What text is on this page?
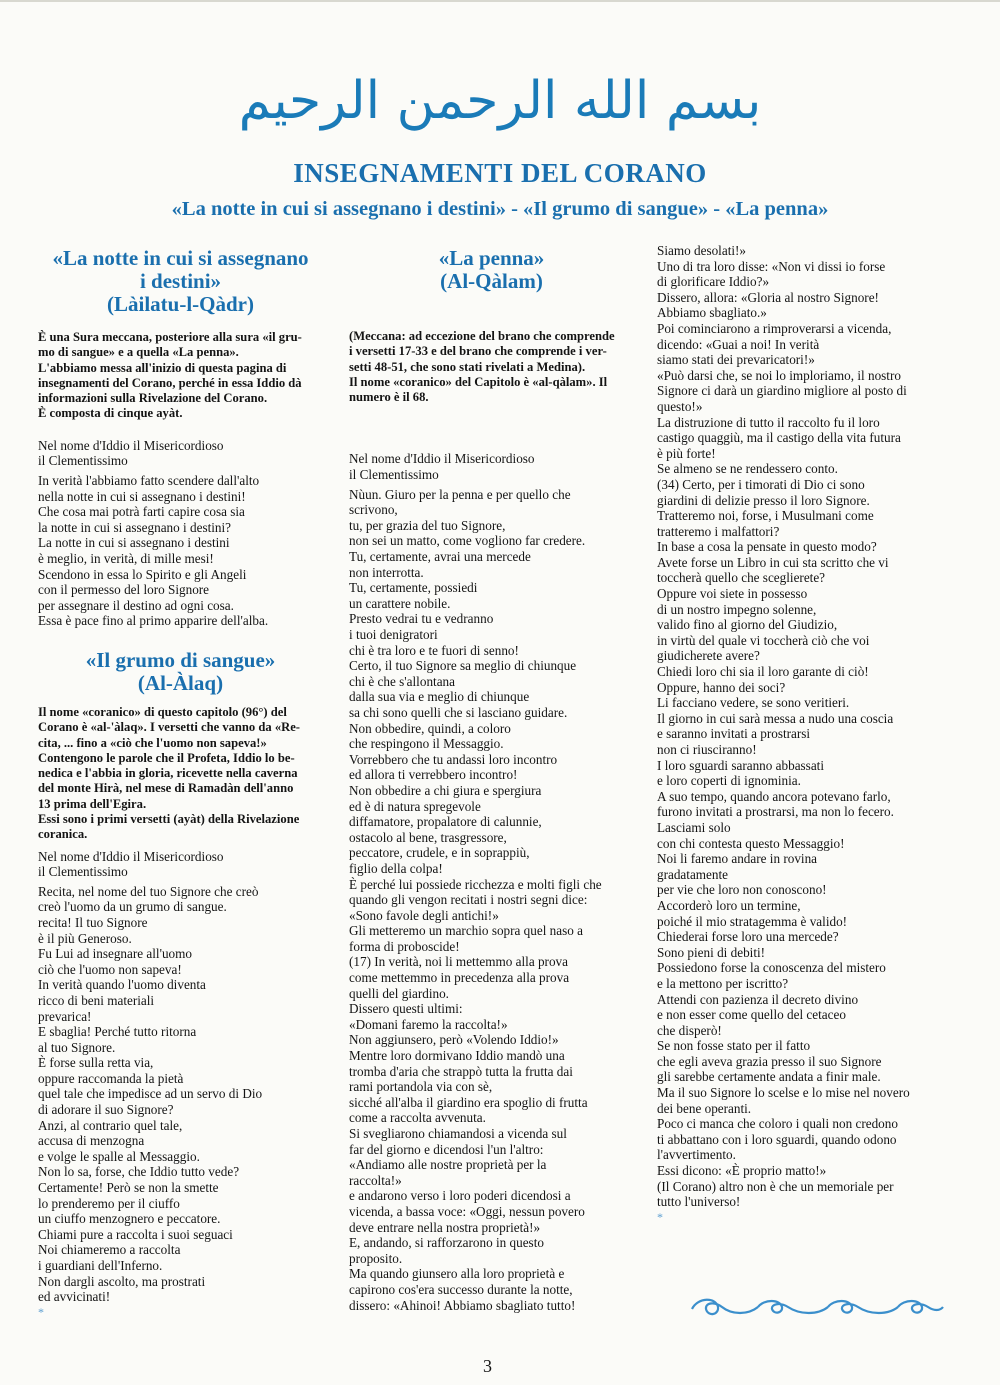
بسم الله الرحمن الرحيم
INSEGNAMENTI DEL CORANO
«La notte in cui si assegnano i destini» - «Il grumo di sangue» - «La penna»
«La notte in cui si assegnano
i destini»
(Làilatu-l-Qàdr)
È una Sura meccana, posteriore alla sura «il gru-
mo di sangue» e a quella «La penna».
L'abbiamo messa all'inizio di questa pagina di
insegnamenti del Corano, perché in essa Iddio dà
informazioni sulla Rivelazione del Corano.
È composta di cinque ayàt.
Nel nome d'Iddio il Misericordioso
il Clementissimo
In verità l'abbiamo fatto scendere dall'alto
nella notte in cui si assegnano i destini!
Che cosa mai potrà farti capire cosa sia
la notte in cui si assegnano i destini?
La notte in cui si assegnano i destini
è meglio, in verità, di mille mesi!
Scendono in essa lo Spirito e gli Angeli
con il permesso del loro Signore
per assegnare il destino ad ogni cosa.
Essa è pace fino al primo apparire dell'alba.
«Il grumo di sangue»
(Al-Àlaq)
Il nome «coranico» di questo capitolo (96°) del
Corano è «al-'àlaq». I versetti che vanno da «Re-
cita, ... fino a «ciò che l'uomo non sapeva!»
Contengono le parole che il Profeta, Iddio lo be-
nedica e l'abbia in gloria, ricevette nella caverna
del monte Hirà, nel mese di Ramadàn dell'anno
13 prima dell'Egira.
Essi sono i primi versetti (ayàt) della Rivelazione
coranica.
Nel nome d'Iddio il Misericordioso
il Clementissimo
Recita, nel nome del tuo Signore che creò
creò l'uomo da un grumo di sangue.
recita! Il tuo Signore
è il più Generoso.
Fu Lui ad insegnare all'uomo
ciò che l'uomo non sapeva!
In verità quando l'uomo diventa
ricco di beni materiali
prevarica!
E sbaglia! Perché tutto ritorna
al tuo Signore.
È forse sulla retta via,
oppure raccomanda la pietà
quel tale che impedisce ad un servo di Dio
di adorare il suo Signore?
Anzi, al contrario quel tale,
accusa di menzogna
e volge le spalle al Messaggio.
Non lo sa, forse, che Iddio tutto vede?
Certamente! Però se non la smette
lo prenderemo per il ciuffo
un ciuffo menzognero e peccatore.
Chiami pure a raccolta i suoi seguaci
Noi chiameremo a raccolta
i guardiani dell'Inferno.
Non dargli ascolto, ma prostrati
ed avvicinati!
*
«La penna»
(Al-Qàlam)
(Meccana: ad eccezione del brano che comprende
i versetti 17-33 e del brano che comprende i ver-
setti 48-51, che sono stati rivelati a Medina).
Il nome «coranico» del Capitolo è «al-qàlam». Il
numero è il 68.
Nel nome d'Iddio il Misericordioso
il Clementissimo
Nùun. Giuro per la penna e per quello che
scrivono,
tu, per grazia del tuo Signore,
non sei un matto, come vogliono far credere.
Tu, certamente, avrai una mercede
non interrotta.
Tu, certamente, possiedi
un carattere nobile.
Presto vedrai tu e vedranno
i tuoi denigratori
chi è tra loro e te fuori di senno!
Certo, il tuo Signore sa meglio di chiunque
chi è che s'allontana
dalla sua via e meglio di chiunque
sa chi sono quelli che si lasciano guidare.
Non obbedire, quindi, a coloro
che respingono il Messaggio.
Vorrebbero che tu andassi loro incontro
ed allora ti verrebbero incontro!
Non obbedire a chi giura e spergiura
ed è di natura spregevole
diffamatore, propalatore di calunnie,
ostacolo al bene, trasgressore,
peccatore, crudele, e in soprappiù,
figlio della colpa!
È perché lui possiede ricchezza e molti figli che
quando gli vengon recitati i nostri segni dice:
«Sono favole degli antichi!»
Gli metteremo un marchio sopra quel naso a
forma di proboscide!
(17) In verità, noi li mettemmo alla prova
come mettemmo in precedenza alla prova
quelli del giardino.
Dissero questi ultimi:
«Domani faremo la raccolta!»
Non aggiunsero, però «Volendo Iddio!»
Mentre loro dormivano Iddio mandò una
tromba d'aria che strappò tutta la frutta dai
rami portandola via con sè,
sicché all'alba il giardino era spoglio di frutta
come a raccolta avvenuta.
Si svegliarono chiamandosi a vicenda sul
far del giorno e dicendosi l'un l'altro:
«Andiamo alle nostre proprietà per la
raccolta!»
e andarono verso i loro poderi dicendosi a
vicenda, a bassa voce: «Oggi, nessun povero
deve entrare nella nostra proprietà!»
E, andando, si rafforzarono in questo
proposito.
Ma quando giunsero alla loro proprietà e
capirono cos'era successo durante la notte,
dissero: «Ahinoi! Abbiamo sbagliato tutto!
Siamo desolati!»
Uno di tra loro disse: «Non vi dissi io forse
di glorificare Iddio?»
Dissero, allora: «Gloria al nostro Signore!
Abbiamo sbagliato.»
Poi cominciarono a rimproverarsi a vicenda,
dicendo: «Guai a noi! In verità
siamo stati dei prevaricatori!»
«Può darsi che, se noi lo imploriamo, il nostro
Signore ci darà un giardino migliore al posto di
questo!»
La distruzione di tutto il raccolto fu il loro
castigo quaggiù, ma il castigo della vita futura
è più forte!
Se almeno se ne rendessero conto.
(34) Certo, per i timorati di Dio ci sono
giardini di delizie presso il loro Signore.
Tratteremo noi, forse, i Musulmani come
tratteremo i malfattori?
In base a cosa la pensate in questo modo?
Avete forse un Libro in cui sta scritto che vi
toccherà quello che sceglierete?
Oppure voi siete in possesso
di un nostro impegno solenne,
valido fino al giorno del Giudizio,
in virtù del quale vi toccherà ciò che voi
giudicherete avere?
Chiedi loro chi sia il loro garante di ciò!
Oppure, hanno dei soci?
Li facciano vedere, se sono veritieri.
Il giorno in cui sarà messa a nudo una coscia
e saranno invitati a prostrarsi
non ci riusciranno!
I loro sguardi saranno abbassati
e loro coperti di ignominia.
A suo tempo, quando ancora potevano farlo,
furono invitati a prostrarsi, ma non lo fecero.
Lasciami solo
con chi contesta questo Messaggio!
Noi li faremo andare in rovina
gradatamente
per vie che loro non conoscono!
Accorderò loro un termine,
poiché il mio stratagemma è valido!
Chiederai forse loro una mercede?
Sono pieni di debiti!
Possiedono forse la conoscenza del mistero
e la mettono per iscritto?
Attendi con pazienza il decreto divino
e non esser come quello del cetaceo
che disperò!
Se non fosse stato per il fatto
che egli aveva grazia presso il suo Signore
gli sarebbe certamente andata a finir male.
Ma il suo Signore lo scelse e lo mise nel novero
dei bene operanti.
Poco ci manca che coloro i quali non credono
ti abbattano con i loro sguardi, quando odono
l'avvertimento.
Essi dicono: «È proprio matto!»
(Il Corano) altro non è che un memoriale per
tutto l'universo!
*
3
